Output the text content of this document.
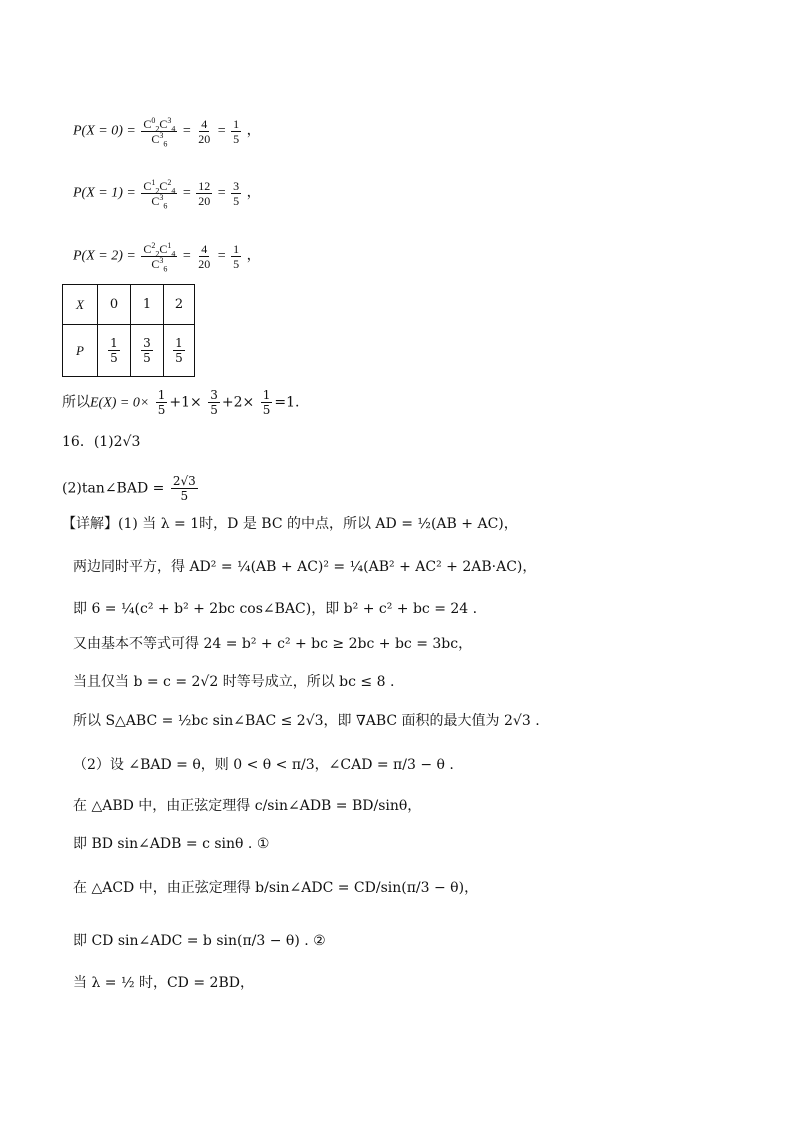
$P(X = 0) = \frac{C^0_2C^3_4}{C^3_6} = \frac{4}{20} = \frac{1}{5}$ ，
$P(X = 1) = \frac{C^1_2C^2_4}{C^3_6} = \frac{12}{20} = \frac{3}{5}$ ，
$P(X = 2) = \frac{C^2_2C^1_4}{C^3_6} = \frac{4}{20} = \frac{1}{5}$ ，
X	0	1	2
P	$\frac{1}{5}$	$\frac{3}{5}$	$\frac{1}{5}$
所以$E(X) = 0\times \frac{1}{5} +1\times \frac{3}{5} +2\times \frac{1}{5} =1$.
16．(1)2√3
(2)tan∠BAD = $\frac{2√3}{5}$
【详解】(1) 当 λ = 1时，D 是 BC 的中点，所以 AD = ½(AB + AC)，
两边同时平方，得 AD² = ¼(AB + AC)² = ¼(AB² + AC² + 2AB·AC)，
即 6 = ¼(c² + b² + 2bc cos∠BAC)，即 b² + c² + bc = 24 .
又由基本不等式可得 24 = b² + c² + bc ≥ 2bc + bc = 3bc，
当且仅当 b = c = 2√2 时等号成立，所以 bc ≤ 8 .
所以 S△ABC = ½bc sin∠BAC ≤ 2√3，即 ∇ABC 面积的最大值为 2√3 .
（2）设 ∠BAD = θ，则 0 < θ < π/3，∠CAD = π/3 − θ .
在 △ABD 中，由正弦定理得 c/sin∠ADB = BD/sinθ，
即 BD sin∠ADB = c sinθ . ①
在 △ACD 中，由正弦定理得 b/sin∠ADC = CD/sin(π/3 − θ)，
即 CD sin∠ADC = b sin(π/3 − θ) . ②
当 λ = ½ 时，CD = 2BD，
